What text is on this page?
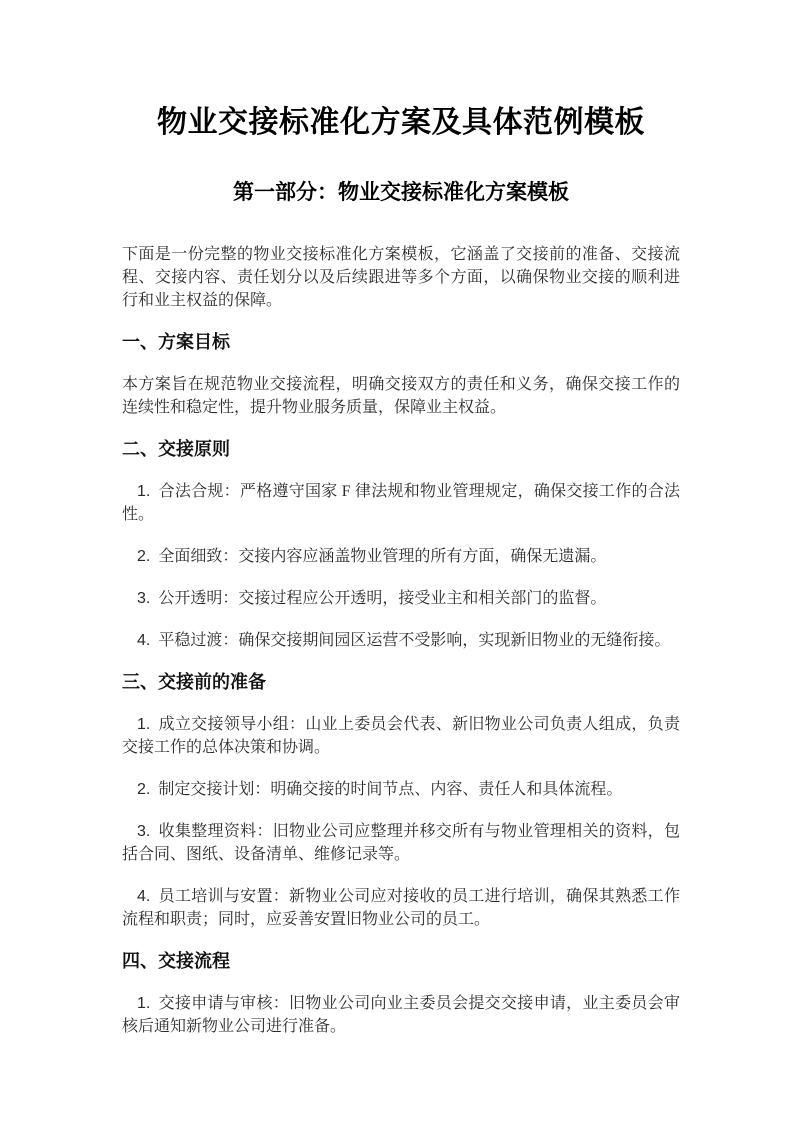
物业交接标准化方案及具体范例模板
第一部分：物业交接标准化方案模板

下面是一份完整的物业交接标准化方案模板，它涵盖了交接前的准备、交接流程、交接内容、责任划分以及后续跟进等多个方面，以确保物业交接的顺利进行和业主权益的保障。

一、方案目标

本方案旨在规范物业交接流程，明确交接双方的责任和义务，确保交接工作的连续性和稳定性，提升物业服务质量，保障业主权益。

二、交接原则

1. 合法合规：严格遵守国家 F 律法规和物业管理规定，确保交接工作的合法性。

2. 全面细致：交接内容应涵盖物业管理的所有方面，确保无遗漏。

3. 公开透明：交接过程应公开透明，接受业主和相关部门的监督。

4. 平稳过渡：确保交接期间园区运营不受影响，实现新旧物业的无缝衔接。

三、交接前的准备

1. 成立交接领导小组：山业上委员会代表、新旧物业公司负责人组成，负责交接工作的总体决策和协调。

2. 制定交接计划：明确交接的时间节点、内容、责任人和具体流程。

3. 收集整理资料：旧物业公司应整理并移交所有与物业管理相关的资料，包括合同、图纸、设备清单、维修记录等。

4. 员工培训与安置：新物业公司应对接收的员工进行培训，确保其熟悉工作流程和职责；同时，应妥善安置旧物业公司的员工。

四、交接流程

1. 交接申请与审核：旧物业公司向业主委员会提交交接申请，业主委员会审核后通知新物业公司进行准备。
